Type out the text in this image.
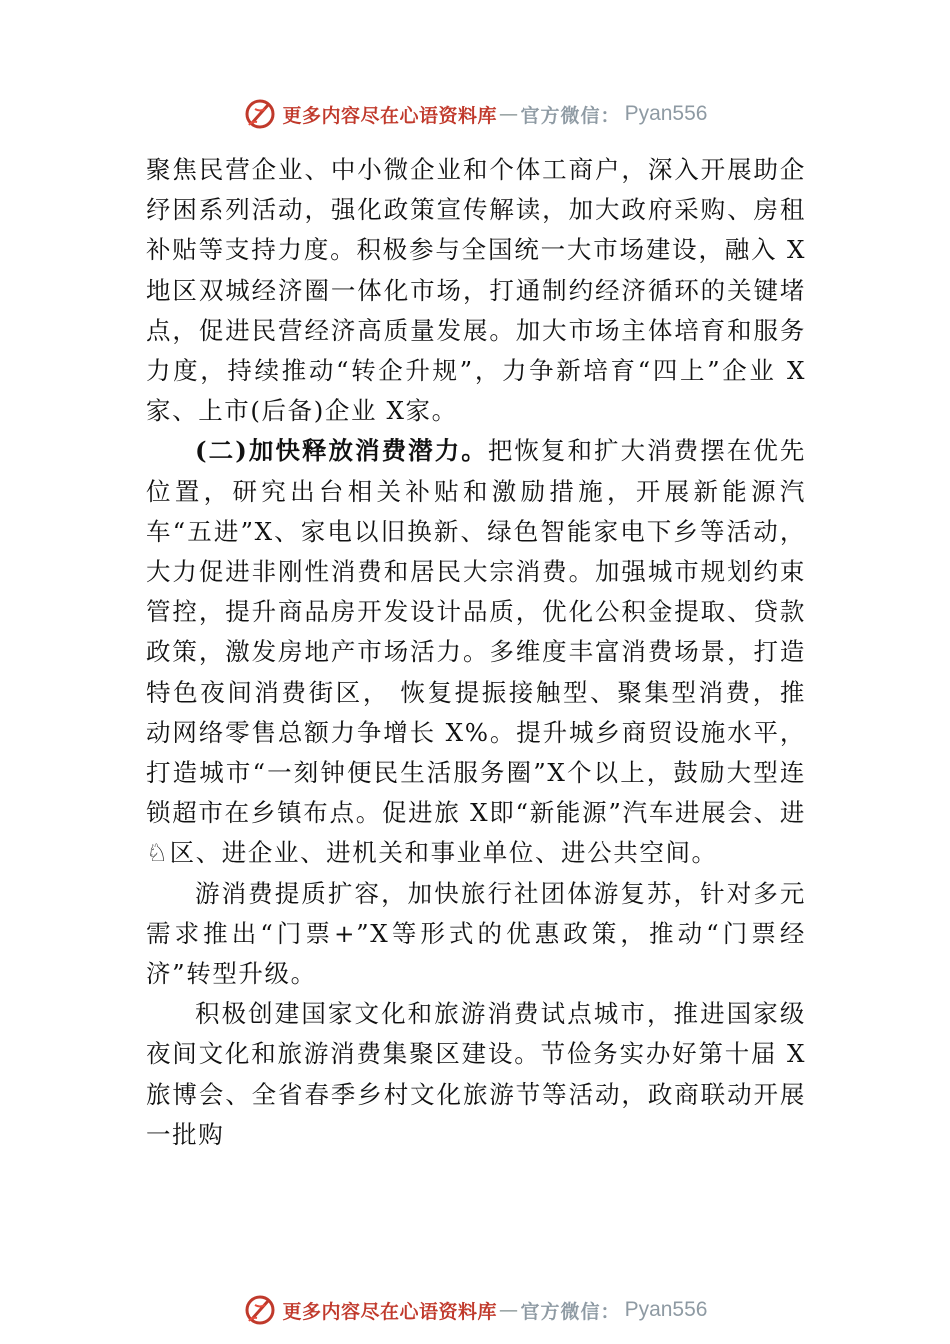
更多内容尽在心语资料库 — 官方微信： Pyan556

聚焦民营企业、中小微企业和个体工商户，深入开展助企纾困系列活动，强化政策宣传解读，加大政府采购、房租补贴等支持力度。积极参与全国统一大市场建设，融入 X地区双城经济圈一体化市场，打通制约经济循环的关键堵点，促进民营经济高质量发展。加大市场主体培育和服务力度，持续推动“转企升规”，力争新培育“四上”企业 X家、上市(后备)企业 X家。

(二)加快释放消费潜力。把恢复和扩大消费摆在优先位置，研究出台相关补贴和激励措施，开展新能源汽车“五进”X、家电以旧换新、绿色智能家电下乡等活动，大力促进非刚性消费和居民大宗消费。加强城市规划约束管控，提升商品房开发设计品质，优化公积金提取、贷款政策，激发房地产市场活力。多维度丰富消费场景，打造特色夜间消费街区， 恢复提振接触型、聚集型消费，推动网络零售总额力争增长 X%。提升城乡商贸设施水平，打造城市“一刻钟便民生活服务圈”X个以上，鼓励大型连锁超市在乡镇布点。促进旅 X即“新能源”汽车进展会、进♘区、进企业、进机关和事业单位、进公共空间。

游消费提质扩容，加快旅行社团体游复苏，针对多元需求推出“门票+”X等形式的优惠政策，推动“门票经济”转型升级。

积极创建国家文化和旅游消费试点城市，推进国家级夜间文化和旅游消费集聚区建设。节俭务实办好第十届 X旅博会、全省春季乡村文化旅游节等活动，政商联动开展一批购

更多内容尽在心语资料库 — 官方微信： Pyan556
